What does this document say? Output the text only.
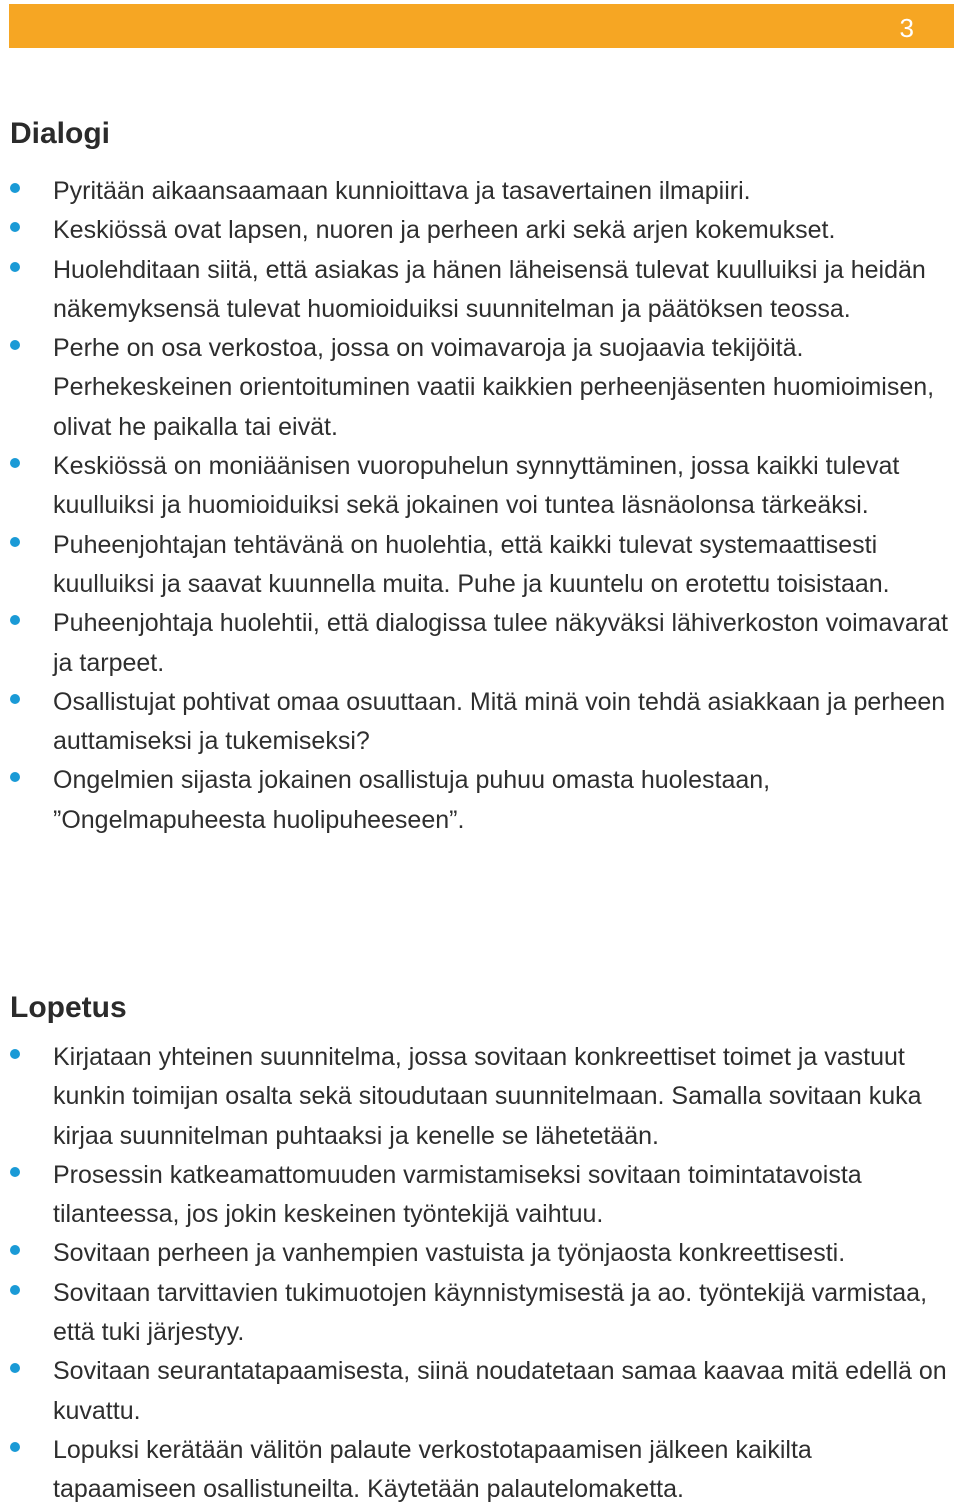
3
Dialogi
Pyritään aikaansaamaan kunnioittava ja tasavertainen ilmapiiri.
Keskiössä ovat lapsen, nuoren ja perheen arki sekä arjen kokemukset.
Huolehditaan siitä, että asiakas ja hänen läheisensä tulevat kuulluiksi ja heidän näkemyksensä tulevat huomioiduiksi suunnitelman ja päätöksen teossa.
Perhe on osa verkostoa, jossa on voimavaroja ja suojaavia tekijöitä. Perhekeskeinen orientoituminen vaatii kaikkien perheenjäsenten huomioimisen, olivat he paikalla tai eivät.
Keskiössä on moniäänisen vuoropuhelun synnyttäminen, jossa kaikki tulevat kuulluiksi ja huomioiduiksi sekä jokainen voi tuntea läsnäolonsa tärkeäksi.
Puheenjohtajan tehtävänä on huolehtia, että kaikki tulevat systemaattisesti kuulluiksi ja saavat kuunnella muita. Puhe ja kuuntelu on erotettu toisistaan.
Puheenjohtaja huolehtii, että dialogissa tulee näkyväksi lähiverkoston voimavarat ja tarpeet.
Osallistujat pohtivat omaa osuuttaan. Mitä minä voin tehdä asiakkaan ja perheen auttamiseksi ja tukemiseksi?
Ongelmien sijasta jokainen osallistuja puhuu omasta huolestaan, ”Ongelmapuheesta huolipuheeseen”.
Lopetus
Kirjataan yhteinen suunnitelma, jossa sovitaan konkreettiset toimet ja vastuut kunkin toimijan osalta sekä sitoudutaan suunnitelmaan. Samalla sovitaan kuka kirjaa suunnitelman puhtaaksi ja kenelle se lähetetään.
Prosessin katkeamattomuuden varmistamiseksi sovitaan toimintatavoista tilanteessa, jos jokin keskeinen työntekijä vaihtuu.
Sovitaan perheen ja vanhempien vastuista ja työnjaosta konkreettisesti.
Sovitaan tarvittavien tukimuotojen käynnistymisestä ja ao. työntekijä varmistaa, että tuki järjestyy.
Sovitaan seurantatapaamisesta, siinä noudatetaan samaa kaavaa mitä edellä on kuvattu.
Lopuksi kerätään välitön palaute verkostotapaamisen jälkeen kaikilta tapaamiseen osallistuneilta. Käytetään palautelomaketta.
